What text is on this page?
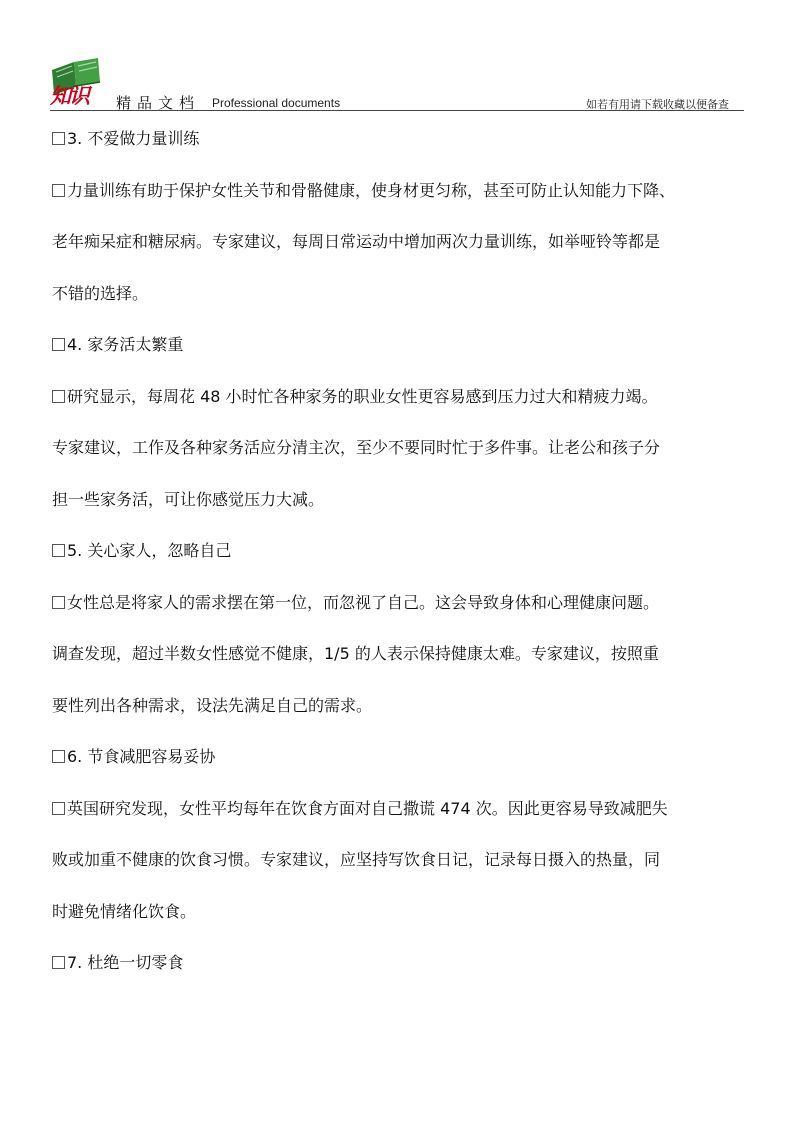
知识 精品文档 Professional documents	如若有用请下载收藏以便备查

3. 不爱做力量训练

力量训练有助于保护女性关节和骨骼健康，使身材更匀称，甚至可防止认知能力下降、

老年痴呆症和糖尿病。专家建议，每周日常运动中增加两次力量训练，如举哑铃等都是

不错的选择。

4. 家务活太繁重

研究显示，每周花 48 小时忙各种家务的职业女性更容易感到压力过大和精疲力竭。

专家建议，工作及各种家务活应分清主次，至少不要同时忙于多件事。让老公和孩子分

担一些家务活，可让你感觉压力大减。

5. 关心家人，忽略自己

女性总是将家人的需求摆在第一位，而忽视了自己。这会导致身体和心理健康问题。

调查发现，超过半数女性感觉不健康，1/5 的人表示保持健康太难。专家建议，按照重

要性列出各种需求，设法先满足自己的需求。

6. 节食减肥容易妥协

英国研究发现，女性平均每年在饮食方面对自己撒谎 474 次。因此更容易导致减肥失

败或加重不健康的饮食习惯。专家建议，应坚持写饮食日记，记录每日摄入的热量，同

时避免情绪化饮食。

7. 杜绝一切零食
